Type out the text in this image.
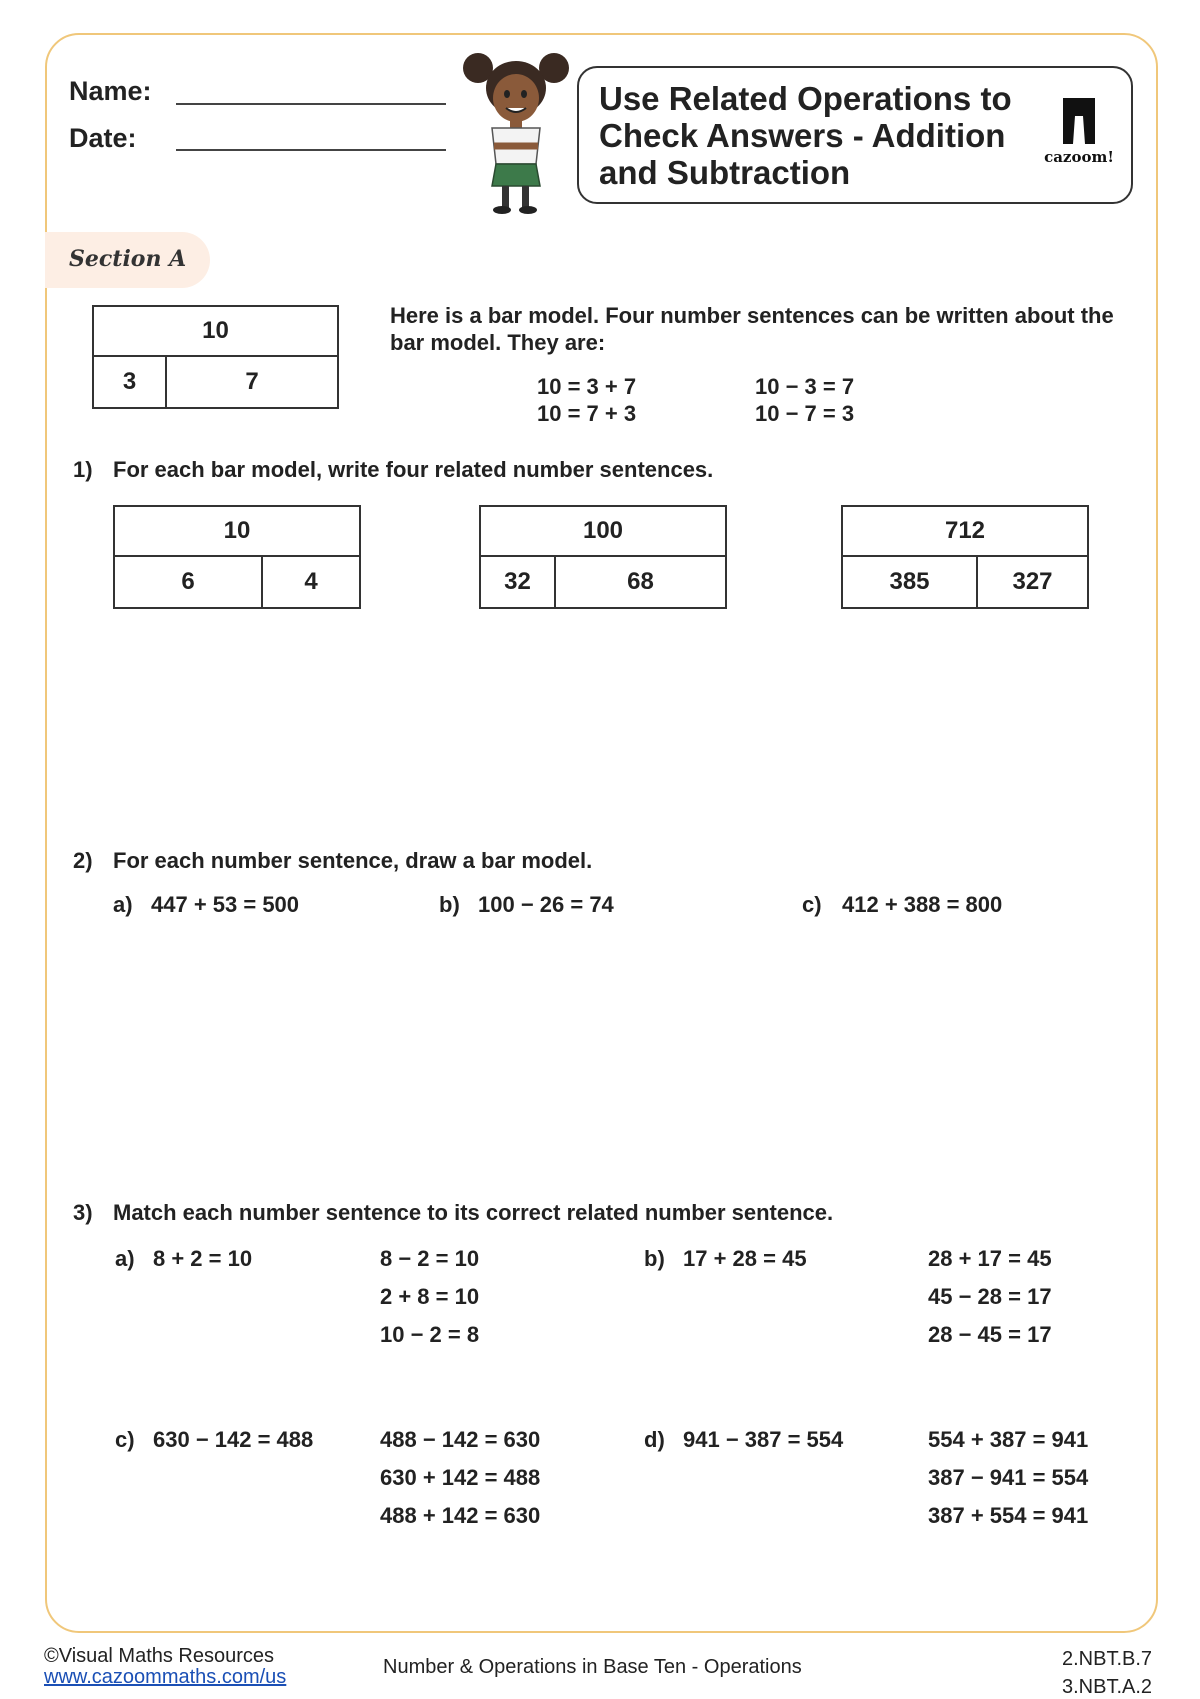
Name:
Date:
Use Related Operations to Check Answers - Addition and Subtraction	cazoom!
Section A
10
3	7
Here is a bar model. Four number sentences can be written about the bar model. They are:
10 = 3 + 7
10 = 7 + 3
10 − 3 = 7
10 − 7 = 3
1) For each bar model, write four related number sentences.
10
6	4
100
32	68
712
385	327
2) For each number sentence, draw a bar model.
a) 447 + 53 = 500	b) 100 − 26 = 74	c) 412 + 388 = 800
3) Match each number sentence to its correct related number sentence.
a) 8 + 2 = 10	8 − 2 = 10
2 + 8 = 10
10 − 2 = 8
b) 17 + 28 = 45	28 + 17 = 45
45 − 28 = 17
28 − 45 = 17
c) 630 − 142 = 488	488 − 142 = 630
630 + 142 = 488
488 + 142 = 630
d) 941 − 387 = 554	554 + 387 = 941
387 − 941 = 554
387 + 554 = 941
©Visual Maths Resources
www.cazoommaths.com/us	Number & Operations in Base Ten - Operations	2.NBT.B.7
3.NBT.A.2
